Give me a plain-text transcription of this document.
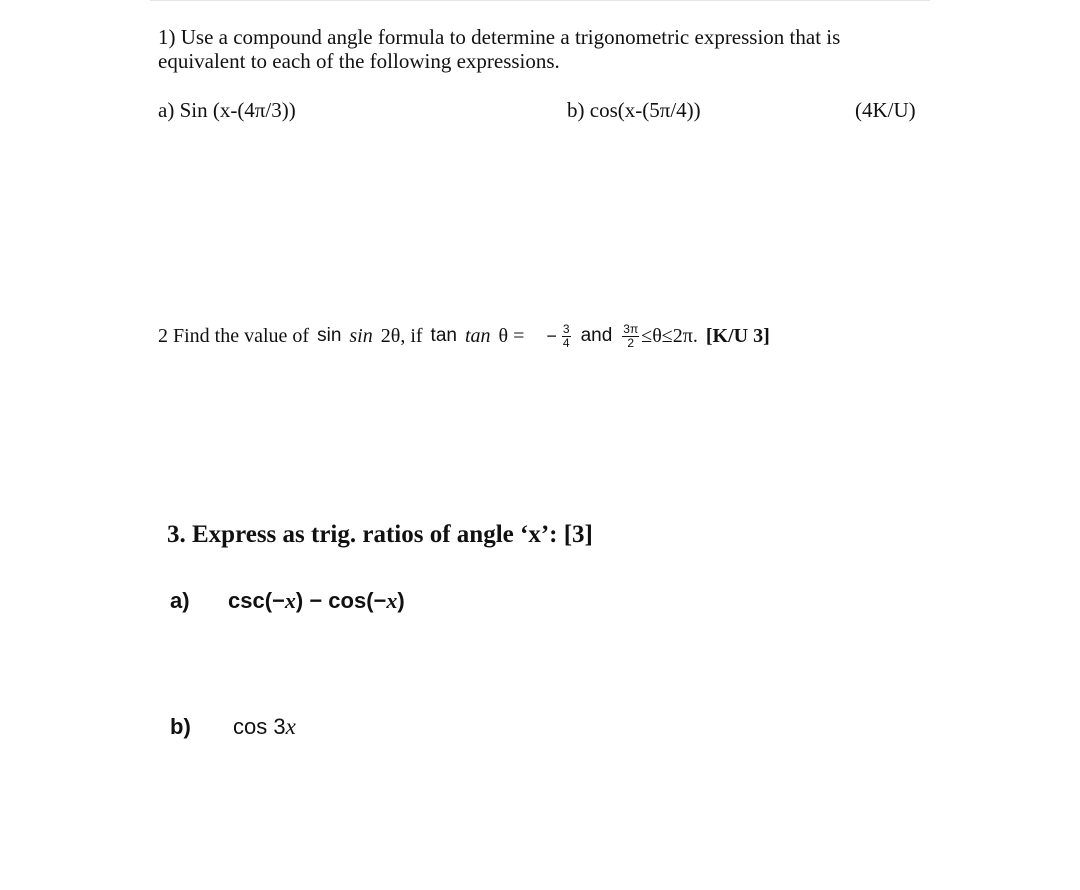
1) Use a compound angle formula to determine a trigonometric expression that is equivalent to each of the following expressions.
a) Sin (x-(4π/3))	b) cos(x-(5π/4))	(4K/U)
2 Find the value of sin sin 2θ , if tan tan θ = − $\frac{3}{4}$ and $\frac{3\pi}{2} \le\theta\le 2\pi$. [K/U 3]
3. Express as trig. ratios of angle ‘x’: [3]
a) csc(−x) − cos(−x)
b) cos 3x
